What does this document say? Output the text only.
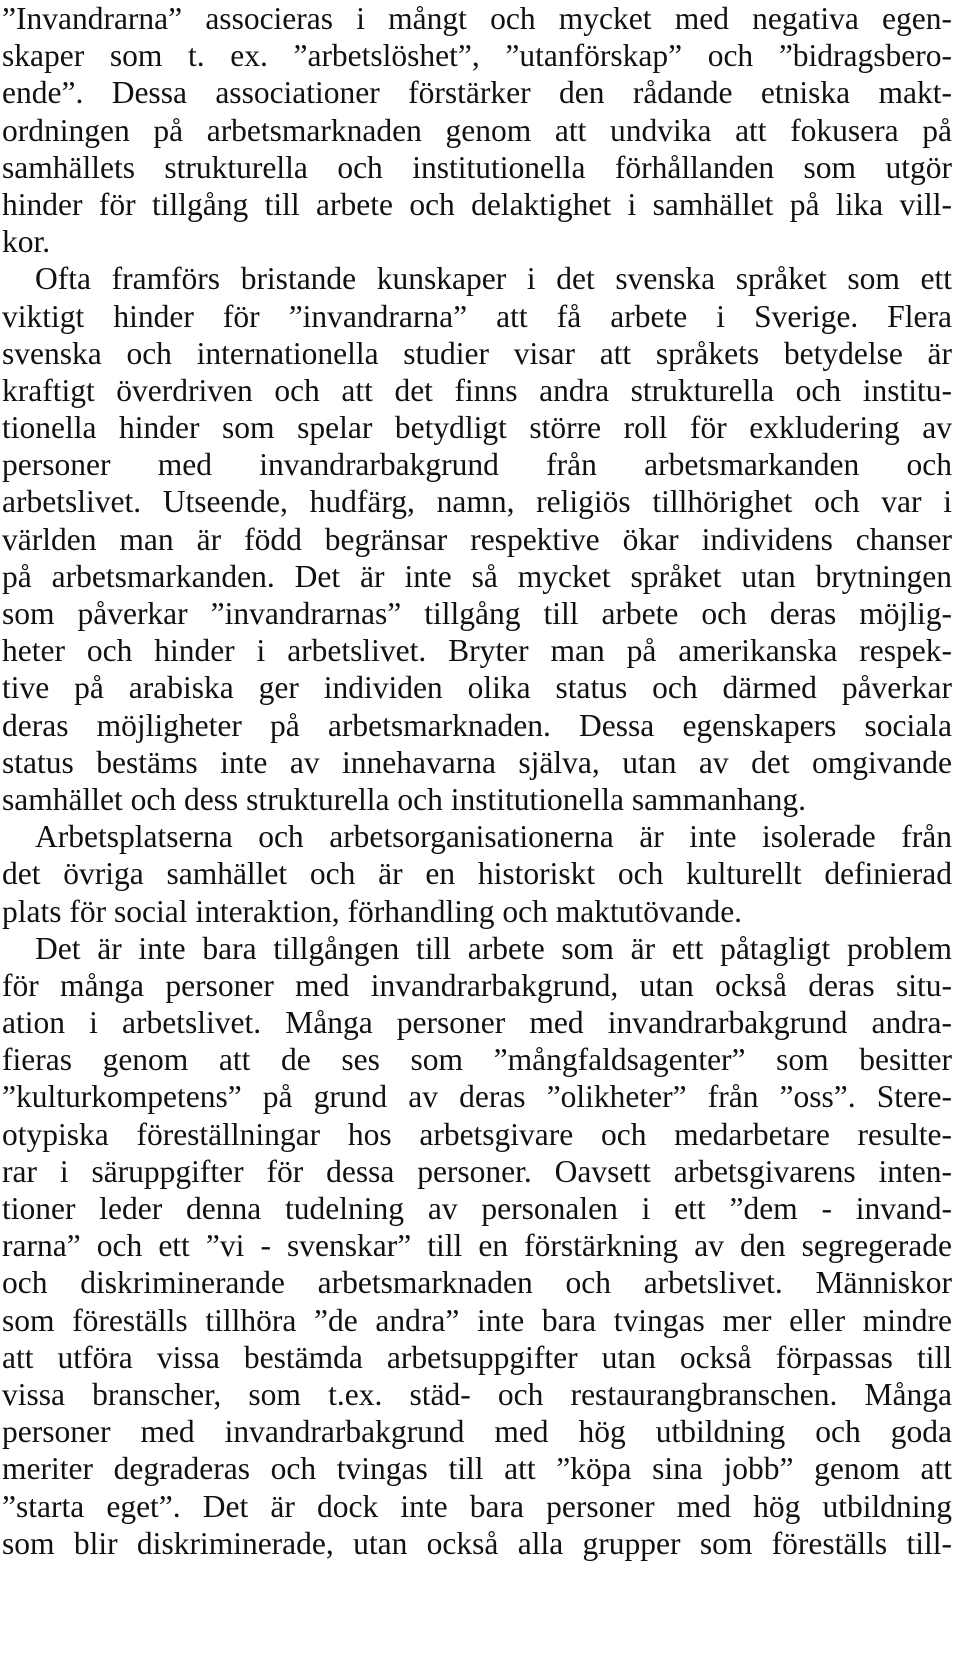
”Invandrarna” associeras i mångt och mycket med negativa egen-
skaper som t. ex. ”arbetslöshet”, ”utanförskap” och ”bidragsbero-
ende”. Dessa associationer förstärker den rådande etniska makt-
ordningen på arbetsmarknaden genom att undvika att fokusera på
samhällets strukturella och institutionella förhållanden som utgör
hinder för tillgång till arbete och delaktighet i samhället på lika vill-
kor.

Ofta framförs bristande kunskaper i det svenska språket som ett
viktigt hinder för ”invandrarna” att få arbete i Sverige. Flera
svenska och internationella studier visar att språkets betydelse är
kraftigt överdriven och att det finns andra strukturella och institu-
tionella hinder som spelar betydligt större roll för exkludering av
personer med invandrarbakgrund från arbetsmarkanden och
arbetslivet. Utseende, hudfärg, namn, religiös tillhörighet och var i
världen man är född begränsar respektive ökar individens chanser
på arbetsmarkanden. Det är inte så mycket språket utan brytningen
som påverkar ”invandrarnas” tillgång till arbete och deras möjlig-
heter och hinder i arbetslivet. Bryter man på amerikanska respek-
tive på arabiska ger individen olika status och därmed påverkar
deras möjligheter på arbetsmarknaden. Dessa egenskapers sociala
status bestäms inte av innehavarna själva, utan av det omgivande
samhället och dess strukturella och institutionella sammanhang.

Arbetsplatserna och arbetsorganisationerna är inte isolerade från
det övriga samhället och är en historiskt och kulturellt definierad
plats för social interaktion, förhandling och maktutövande.

Det är inte bara tillgången till arbete som är ett påtagligt problem
för många personer med invandrarbakgrund, utan också deras situ-
ation i arbetslivet. Många personer med invandrarbakgrund andra-
fieras genom att de ses som ”mångfaldsagenter” som besitter
”kulturkompetens” på grund av deras ”olikheter” från ”oss”. Stere-
otypiska föreställningar hos arbetsgivare och medarbetare resulte-
rar i säruppgifter för dessa personer. Oavsett arbetsgivarens inten-
tioner leder denna tudelning av personalen i ett ”dem - invand-
rarna” och ett ”vi - svenskar” till en förstärkning av den segregerade
och diskriminerande arbetsmarknaden och arbetslivet. Människor
som föreställs tillhöra ”de andra” inte bara tvingas mer eller mindre
att utföra vissa bestämda arbetsuppgifter utan också förpassas till
vissa branscher, som t.ex. städ- och restaurangbranschen. Många
personer med invandrarbakgrund med hög utbildning och goda
meriter degraderas och tvingas till att ”köpa sina jobb” genom att
”starta eget”. Det är dock inte bara personer med hög utbildning
som blir diskriminerade, utan också alla grupper som föreställs till-
